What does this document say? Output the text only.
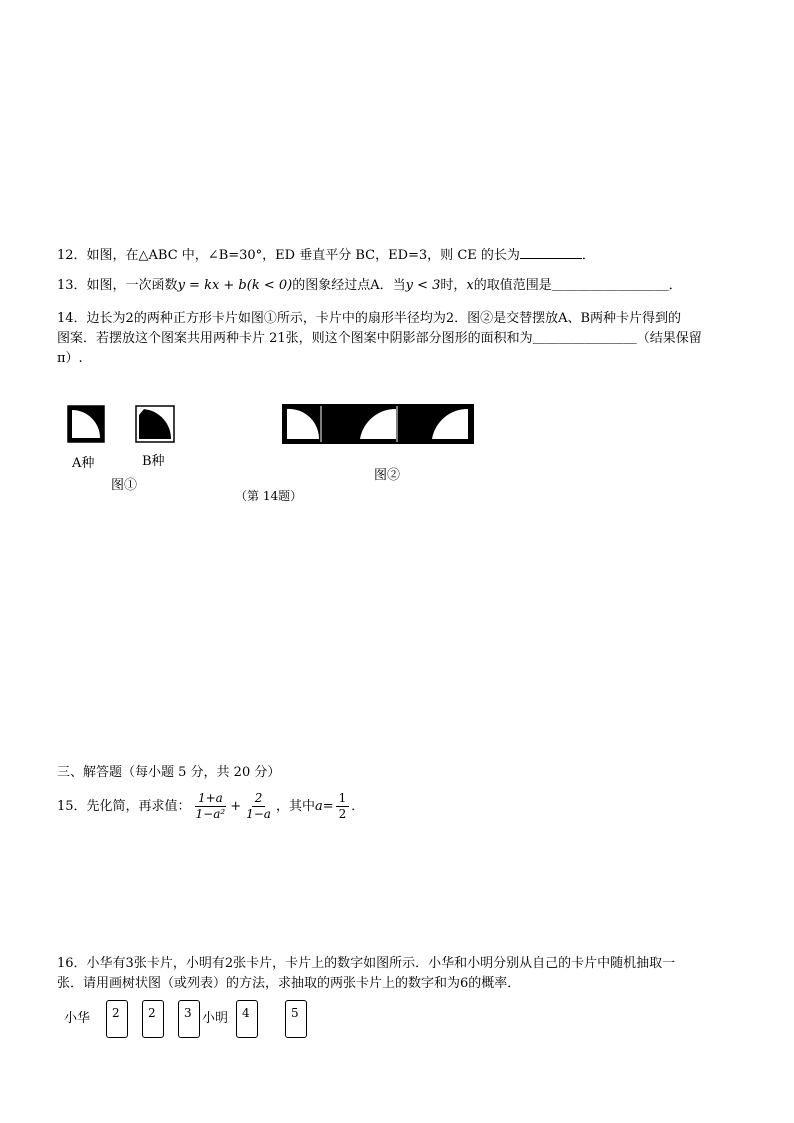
12．如图，在△ABC 中，∠B=30°，ED 垂直平分 BC，ED=3，则 CE 的长为	．
13．如图，一次函数y = kx + b(k < 0)的图象经过点A．当y < 3时，x的取值范围是＿＿＿＿＿＿＿＿＿．
14．边长为2的两种正方形卡片如图①所示，卡片中的扇形半径均为2．图②是交替摆放A、B两种卡片得到的
图案．若摆放这个图案共用两种卡片 21张，则这个图案中阴影部分图形的面积和为＿＿＿＿＿＿＿＿（结果保留
π）.
A种	B种
图①
图②
（第 14题）
三、解答题（每小题 5 分，共 20 分）
15．先化简，再求值： $\frac{1+a}{\text{1−a²}} + \frac{2}{1-a}$ ，其中$a= \frac{1}{2}$ ．
16．小华有3张卡片，小明有2张卡片，卡片上的数字如图所示．小华和小明分别从自己的卡片中随机抽取一
张．请用画树状图（或列表）的方法，求抽取的两张卡片上的数字和为6的概率．
小华	2	2	3 小明	4	5
